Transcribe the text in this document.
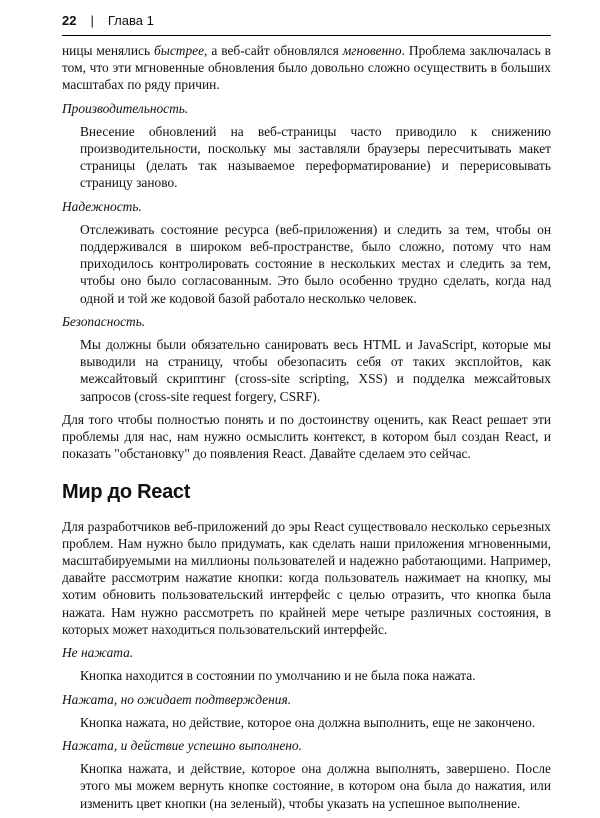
22 | Глава 1

ницы менялись быстрее, а веб-сайт обновлялся мгновенно. Проблема заключалась в том, что эти мгновенные обновления было довольно сложно осуществить в больших масштабах по ряду причин.

Производительность.

Внесение обновлений на веб-страницы часто приводило к снижению производительности, поскольку мы заставляли браузеры пересчитывать макет страницы (делать так называемое переформатирование) и перерисовывать страницу заново.

Надежность.

Отслеживать состояние ресурса (веб-приложения) и следить за тем, чтобы он поддерживался в широком веб-пространстве, было сложно, потому что нам приходилось контролировать состояние в нескольких местах и следить за тем, чтобы оно было согласованным. Это было особенно трудно сделать, когда над одной и той же кодовой базой работало несколько человек.

Безопасность.

Мы должны были обязательно санировать весь HTML и JavaScript, которые мы выводили на страницу, чтобы обезопасить себя от таких эксплойтов, как межсайтовый скриптинг (cross-site scripting, XSS) и подделка межсайтовых запросов (cross-site request forgery, CSRF).

Для того чтобы полностью понять и по достоинству оценить, как React решает эти проблемы для нас, нам нужно осмыслить контекст, в котором был создан React, и показать "обстановку" до появления React. Давайте сделаем это сейчас.

Мир до React

Для разработчиков веб-приложений до эры React существовало несколько серьезных проблем. Нам нужно было придумать, как сделать наши приложения мгновенными, масштабируемыми на миллионы пользователей и надежно работающими. Например, давайте рассмотрим нажатие кнопки: когда пользователь нажимает на кнопку, мы хотим обновить пользовательский интерфейс с целью отразить, что кнопка была нажата. Нам нужно рассмотреть по крайней мере четыре различных состояния, в которых может находиться пользовательский интерфейс.

Не нажата.

Кнопка находится в состоянии по умолчанию и не была пока нажата.

Нажата, но ожидает подтверждения.

Кнопка нажата, но действие, которое она должна выполнить, еще не закончено.

Нажата, и действие успешно выполнено.

Кнопка нажата, и действие, которое она должна выполнять, завершено. После этого мы можем вернуть кнопке состояние, в котором она была до нажатия, или изменить цвет кнопки (на зеленый), чтобы указать на успешное выполнение.
